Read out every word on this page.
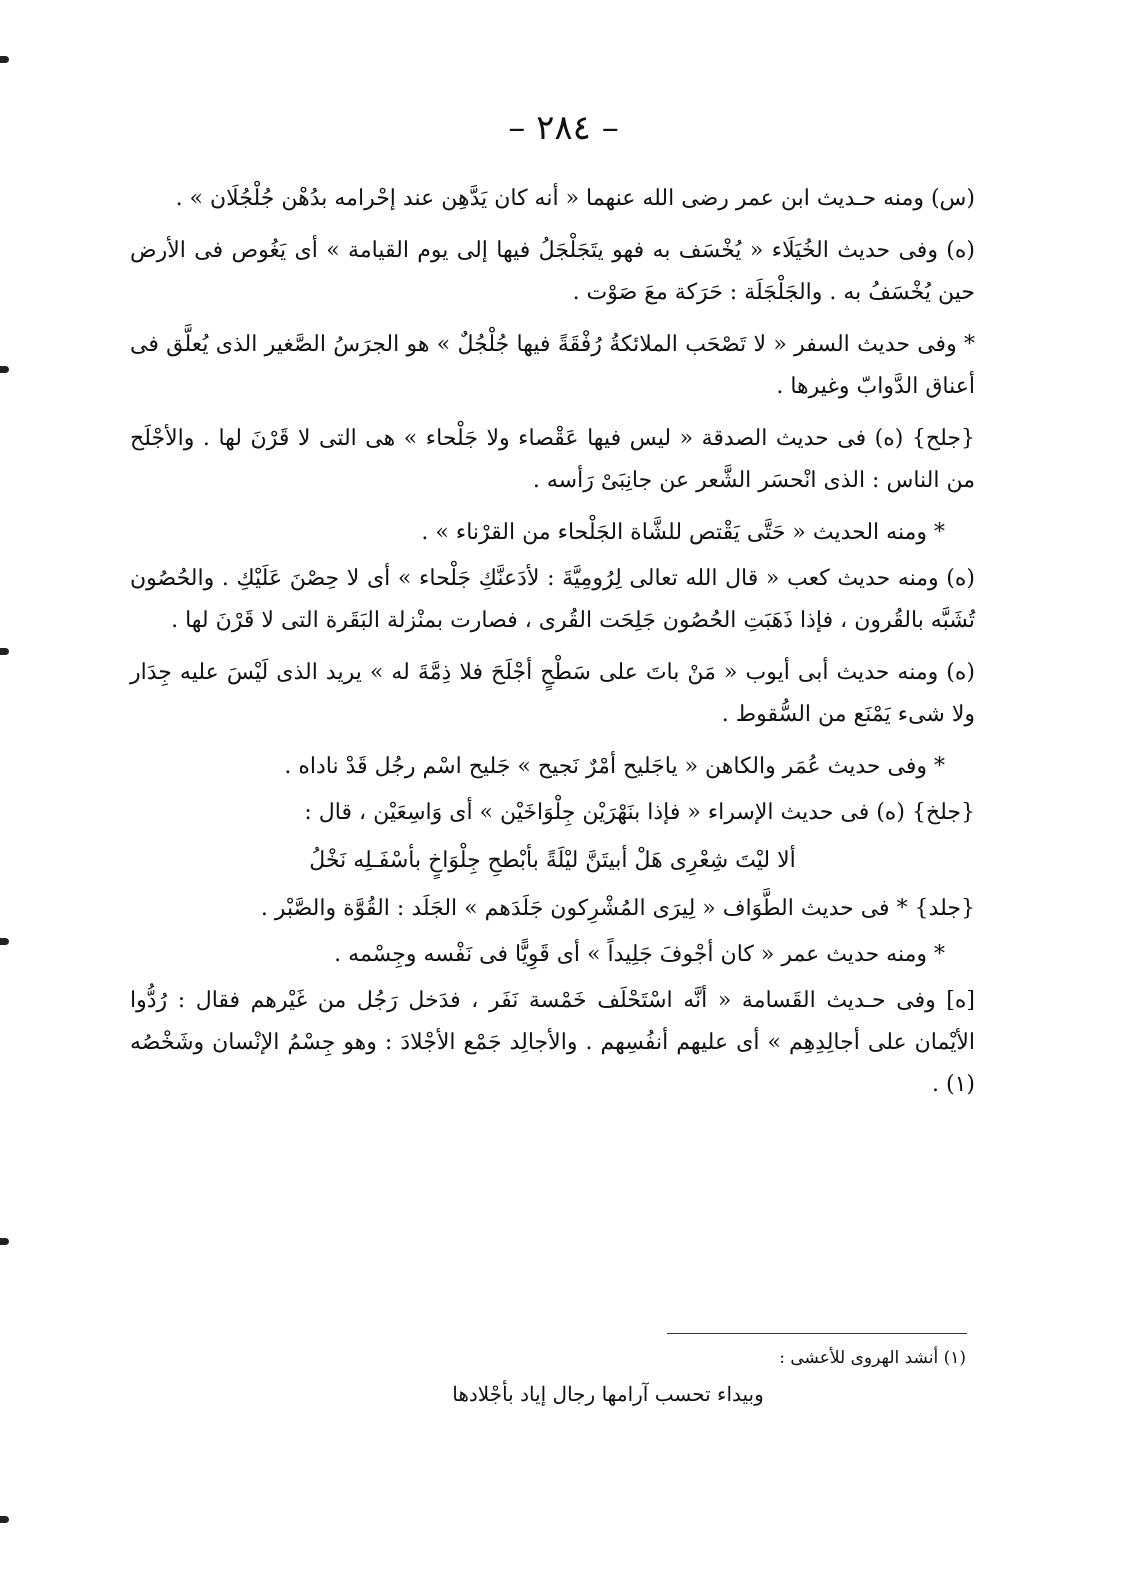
– ٢٨٤ –

(س) ومنه حـديث ابن عمر رضى الله عنهما « أنه كان يَدَّهِن عند إحْرامه بدُهْن جُلْجُلَان » .

(ه) وفى حديث الخُيَلَاء « يُخْسَف به فهو يتَجَلْجَلُ فيها إلى يوم القيامة » أى يَغُوص فى الأرض حين يُخْسَفُ به . والجَلْجَلَة : حَرَكة معَ صَوْت .

* وفى حديث السفر « لا تَصْحَب الملائكةُ رُفْقَةً فيها جُلْجُلٌ » هو الجرَسُ الصَّغير الذى يُعلَّق فى أعناق الدَّوابّ وغيرها .

{جلح} (ه) فى حديث الصدقة « ليس فيها عَقْصاء ولا جَلْحاء » هى التى لا قَرْنَ لها . والأجْلَح من الناس : الذى انْحسَر الشَّعر عن جانِبَىْ رَأسه .

* ومنه الحديث « حَتَّى يَقْتص للشَّاة الجَلْحاء من القرْناء » .

(ه) ومنه حديث كعب « قال الله تعالى لِرُومِيَّةَ : لأدَعنَّكِ جَلْحاء » أى لا حِصْنَ عَلَيْكِ . والحُصُون تُشَبَّه بالقُرون ، فإذا ذَهَبَتِ الحُصُون جَلِحَت القُرى ، فصارت بمنْزلة البَقَرة التى لا قَرْنَ لها .

(ه) ومنه حديث أبى أيوب « مَنْ باتَ على سَطْحٍ أجْلَحَ فلا ذِمَّةَ له » يريد الذى لَيْسَ عليه جِدَار ولا شىء يَمْنَع من السُّقوط .

* وفى حديث عُمَر والكاهن « ياجَليح أمْرٌ نَجيح » جَليح اسْم رجُل قَدْ ناداه .

{جلخ} (ه) فى حديث الإسراء « فإذا بنَهْرَيْن جِلْوَاخَيْن » أى وَاسِعَيْن ، قال :

ألا ليْتَ شِعْرِى هَلْ أبيتَنَّ ليْلَةً بأبْطحِ جِلْوَاخٍ بأسْفَـلِه نَخْلُ

{جلد} * فى حديث الطَّوَاف « لِيرَى المُشْرِكون جَلَدَهم » الجَلَد : القُوَّة والصَّبْر .

* ومنه حديث عمر « كان أجْوفَ جَلِيداً » أى قَوِيًّا فى نَفْسه وجِسْمه .

[ه] وفى حـديث القَسامة « أنَّه اسْتَحْلَف خَمْسة نَفَر ، فدَخل رَجُل من غَيْرهم فقال : رُدُّوا الأيْمان على أجالِدِهِم » أى عليهم أنفُسِهم . والأجالِد جَمْع الأجْلادَ : وهو جِسْمُ الإنْسان وشَخْصُه (١) .

(١) أنشد الهروى للأعشى :
وبيداء تحسب آرامها رجال إياد بأجْلادها
